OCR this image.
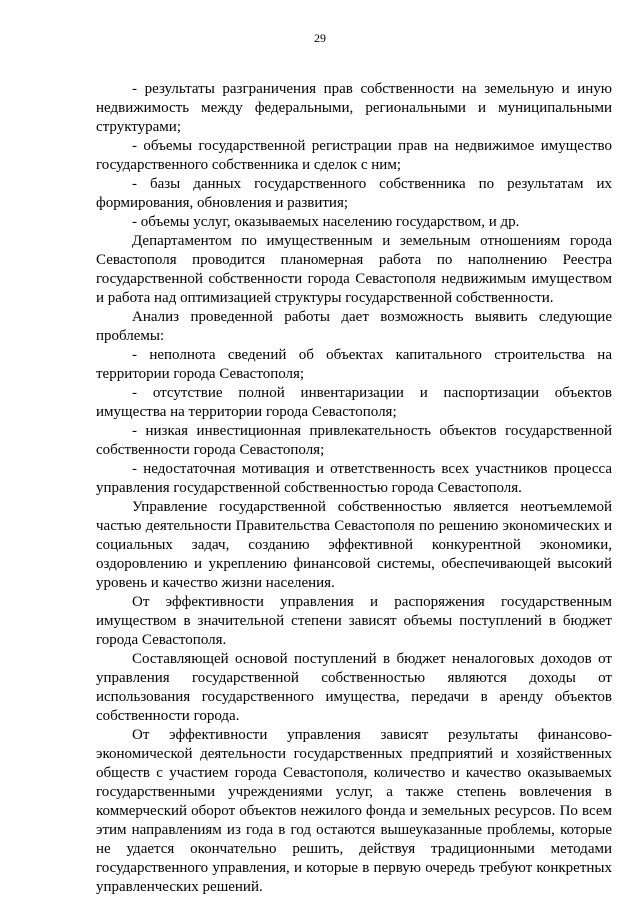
29

- результаты разграничения прав собственности на земельную и иную недвижимость между федеральными, региональными и муниципальными структурами;

- объемы государственной регистрации прав на недвижимое имущество государственного собственника и сделок с ним;

- базы данных государственного собственника по результатам их формирования, обновления и развития;

- объемы услуг, оказываемых населению государством, и др.

Департаментом по имущественным и земельным отношениям города Севастополя проводится планомерная работа по наполнению Реестра государственной собственности города Севастополя недвижимым имуществом и работа над оптимизацией структуры государственной собственности.

Анализ проведенной работы дает возможность выявить следующие проблемы:

- неполнота сведений об объектах капитального строительства на территории города Севастополя;

- отсутствие полной инвентаризации и паспортизации объектов имущества на территории города Севастополя;

- низкая инвестиционная привлекательность объектов государственной собственности города Севастополя;

- недостаточная мотивация и ответственность всех участников процесса управления государственной собственностью города Севастополя.

Управление государственной собственностью является неотъемлемой частью деятельности Правительства Севастополя по решению экономических и социальных задач, созданию эффективной конкурентной экономики, оздоровлению и укреплению финансовой системы, обеспечивающей высокий уровень и качество жизни населения.

От эффективности управления и распоряжения государственным имуществом в значительной степени зависят объемы поступлений в бюджет города Севастополя.

Составляющей основой поступлений в бюджет неналоговых доходов от управления государственной собственностью являются доходы от использования государственного имущества, передачи в аренду объектов собственности города.

От эффективности управления зависят результаты финансово-экономической деятельности государственных предприятий и хозяйственных обществ с участием города Севастополя, количество и качество оказываемых государственными учреждениями услуг, а также степень вовлечения в коммерческий оборот объектов нежилого фонда и земельных ресурсов. По всем этим направлениям из года в год остаются вышеуказанные проблемы, которые не удается окончательно решить, действуя традиционными методами государственного управления, и которые в первую очередь требуют конкретных управленческих решений.
